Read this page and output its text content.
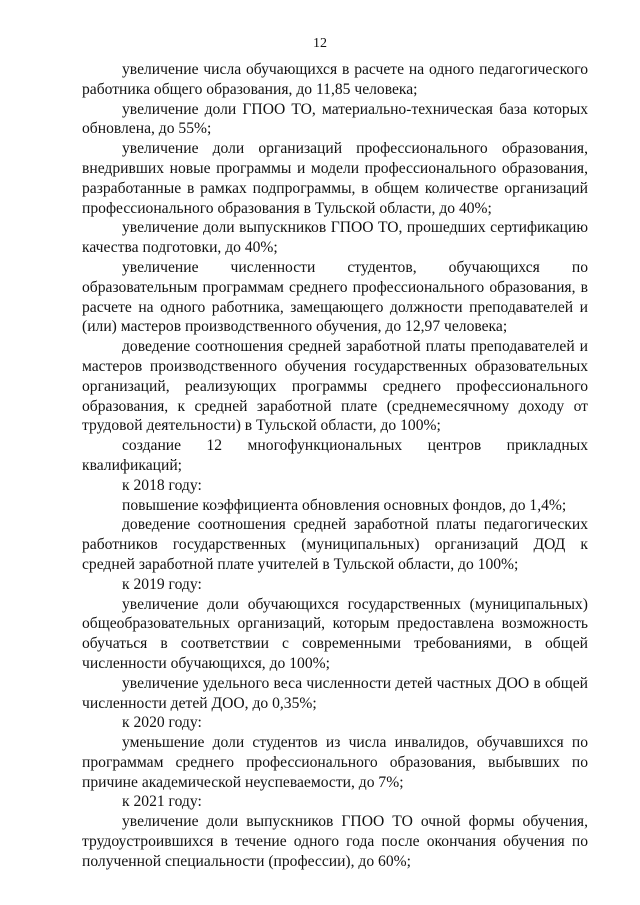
12

увеличение числа обучающихся в расчете на одного педагогического работника общего образования, до 11,85 человека;

увеличение доли ГПОО ТО, материально-техническая база которых обновлена, до 55%;

увеличение доли организаций профессионального образования, внедривших новые программы и модели профессионального образования, разработанные в рамках подпрограммы, в общем количестве организаций профессионального образования в Тульской области, до 40%;

увеличение доли выпускников ГПОО ТО, прошедших сертификацию качества подготовки, до 40%;

увеличение численности студентов, обучающихся по образовательным программам среднего профессионального образования, в расчете на одного работника, замещающего должности преподавателей и (или) мастеров производственного обучения, до 12,97 человека;

доведение соотношения средней заработной платы преподавателей и мастеров производственного обучения государственных образовательных организаций, реализующих программы среднего профессионального образования, к средней заработной плате (среднемесячному доходу от трудовой деятельности) в Тульской области, до 100%;

создание 12 многофункциональных центров прикладных квалификаций;

к 2018 году:

повышение коэффициента обновления основных фондов, до 1,4%;

доведение соотношения средней заработной платы педагогических работников государственных (муниципальных) организаций ДОД к средней заработной плате учителей в Тульской области, до 100%;

к 2019 году:

увеличение доли обучающихся государственных (муниципальных) общеобразовательных организаций, которым предоставлена возможность обучаться в соответствии с современными требованиями, в общей численности обучающихся, до 100%;

увеличение удельного веса численности детей частных ДОО в общей численности детей ДОО, до 0,35%;

к 2020 году:

уменьшение доли студентов из числа инвалидов, обучавшихся по программам среднего профессионального образования, выбывших по причине академической неуспеваемости, до 7%;

к 2021 году:

увеличение доли выпускников ГПОО ТО очной формы обучения, трудоустроившихся в течение одного года после окончания обучения по полученной специальности (профессии), до 60%;
